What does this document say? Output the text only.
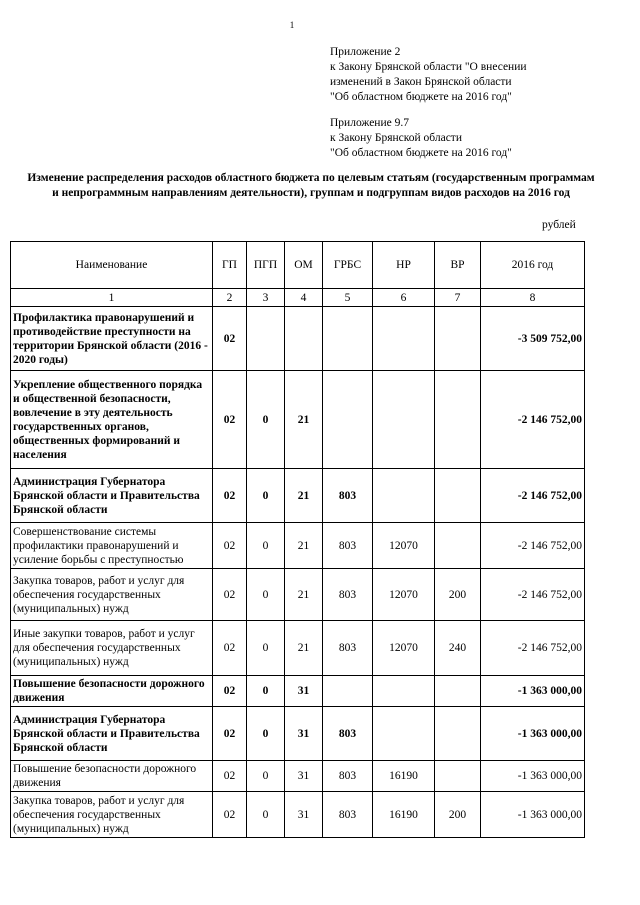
1
Приложение 2
к Закону Брянской области "О внесении
изменений в Закон Брянской области
"Об областном бюджете на 2016 год"
Приложение 9.7
к Закону Брянской области
"Об областном бюджете на 2016 год"
Изменение распределения расходов областного бюджета по целевым статьям (государственным программам и непрограммным направлениям деятельности), группам и подгруппам видов расходов на 2016 год
рублей
Наименование	ГП	ПГП	ОМ	ГРБС	НР	ВР	2016 год
1	2	3	4	5	6	7	8
Профилактика правонарушений и противодействие преступности на территории Брянской области (2016 - 2020 годы)	02						-3 509 752,00
Укрепление общественного порядка и общественной безопасности, вовлечение в эту деятельность государственных органов, общественных формирований и населения	02	0	21				-2 146 752,00
Администрация Губернатора Брянской области и Правительства Брянской области	02	0	21	803			-2 146 752,00
Совершенствование системы профилактики правонарушений и усиление борьбы с преступностью	02	0	21	803	12070		-2 146 752,00
Закупка товаров, работ и услуг для обеспечения государственных (муниципальных) нужд	02	0	21	803	12070	200	-2 146 752,00
Иные закупки товаров, работ и услуг для обеспечения государственных (муниципальных) нужд	02	0	21	803	12070	240	-2 146 752,00
Повышение безопасности дорожного движения	02	0	31				-1 363 000,00
Администрация Губернатора Брянской области и Правительства Брянской области	02	0	31	803			-1 363 000,00
Повышение безопасности дорожного движения	02	0	31	803	16190		-1 363 000,00
Закупка товаров, работ и услуг для обеспечения государственных (муниципальных) нужд	02	0	31	803	16190	200	-1 363 000,00
